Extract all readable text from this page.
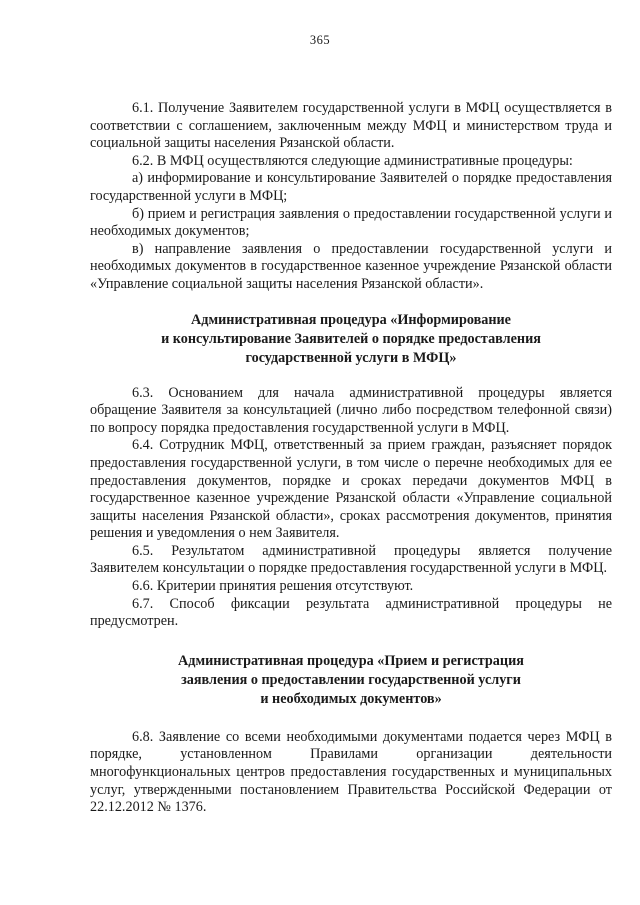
365

6.1. Получение Заявителем государственной услуги в МФЦ осуществляется в соответствии с соглашением, заключенным между МФЦ и министерством труда и социальной защиты населения Рязанской области.

6.2. В МФЦ осуществляются следующие административные процедуры:

а) информирование и консультирование Заявителей о порядке предоставления государственной услуги в МФЦ;

б) прием и регистрация заявления о предоставлении государственной услуги и необходимых документов;

в) направление заявления о предоставлении государственной услуги и необходимых документов в государственное казенное учреждение Рязанской области «Управление социальной защиты населения Рязанской области».

Административная процедура «Информирование
и консультирование Заявителей о порядке предоставления
государственной услуги в МФЦ»

6.3. Основанием для начала административной процедуры является обращение Заявителя за консультацией (лично либо посредством телефонной связи) по вопросу порядка предоставления государственной услуги в МФЦ.

6.4. Сотрудник МФЦ, ответственный за прием граждан, разъясняет порядок предоставления государственной услуги, в том числе о перечне необходимых для ее предоставления документов, порядке и сроках передачи документов МФЦ в государственное казенное учреждение Рязанской области «Управление социальной защиты населения Рязанской области», сроках рассмотрения документов, принятия решения и уведомления о нем Заявителя.

6.5. Результатом административной процедуры является получение Заявителем консультации о порядке предоставления государственной услуги в МФЦ.

6.6. Критерии принятия решения отсутствуют.

6.7. Способ фиксации результата административной процедуры не предусмотрен.

Административная процедура «Прием и регистрация
заявления о предоставлении государственной услуги
и необходимых документов»

6.8. Заявление со всеми необходимыми документами подается через МФЦ в порядке, установленном Правилами организации деятельности многофункциональных центров предоставления государственных и муниципальных услуг, утвержденными постановлением Правительства Российской Федерации от 22.12.2012 № 1376.
